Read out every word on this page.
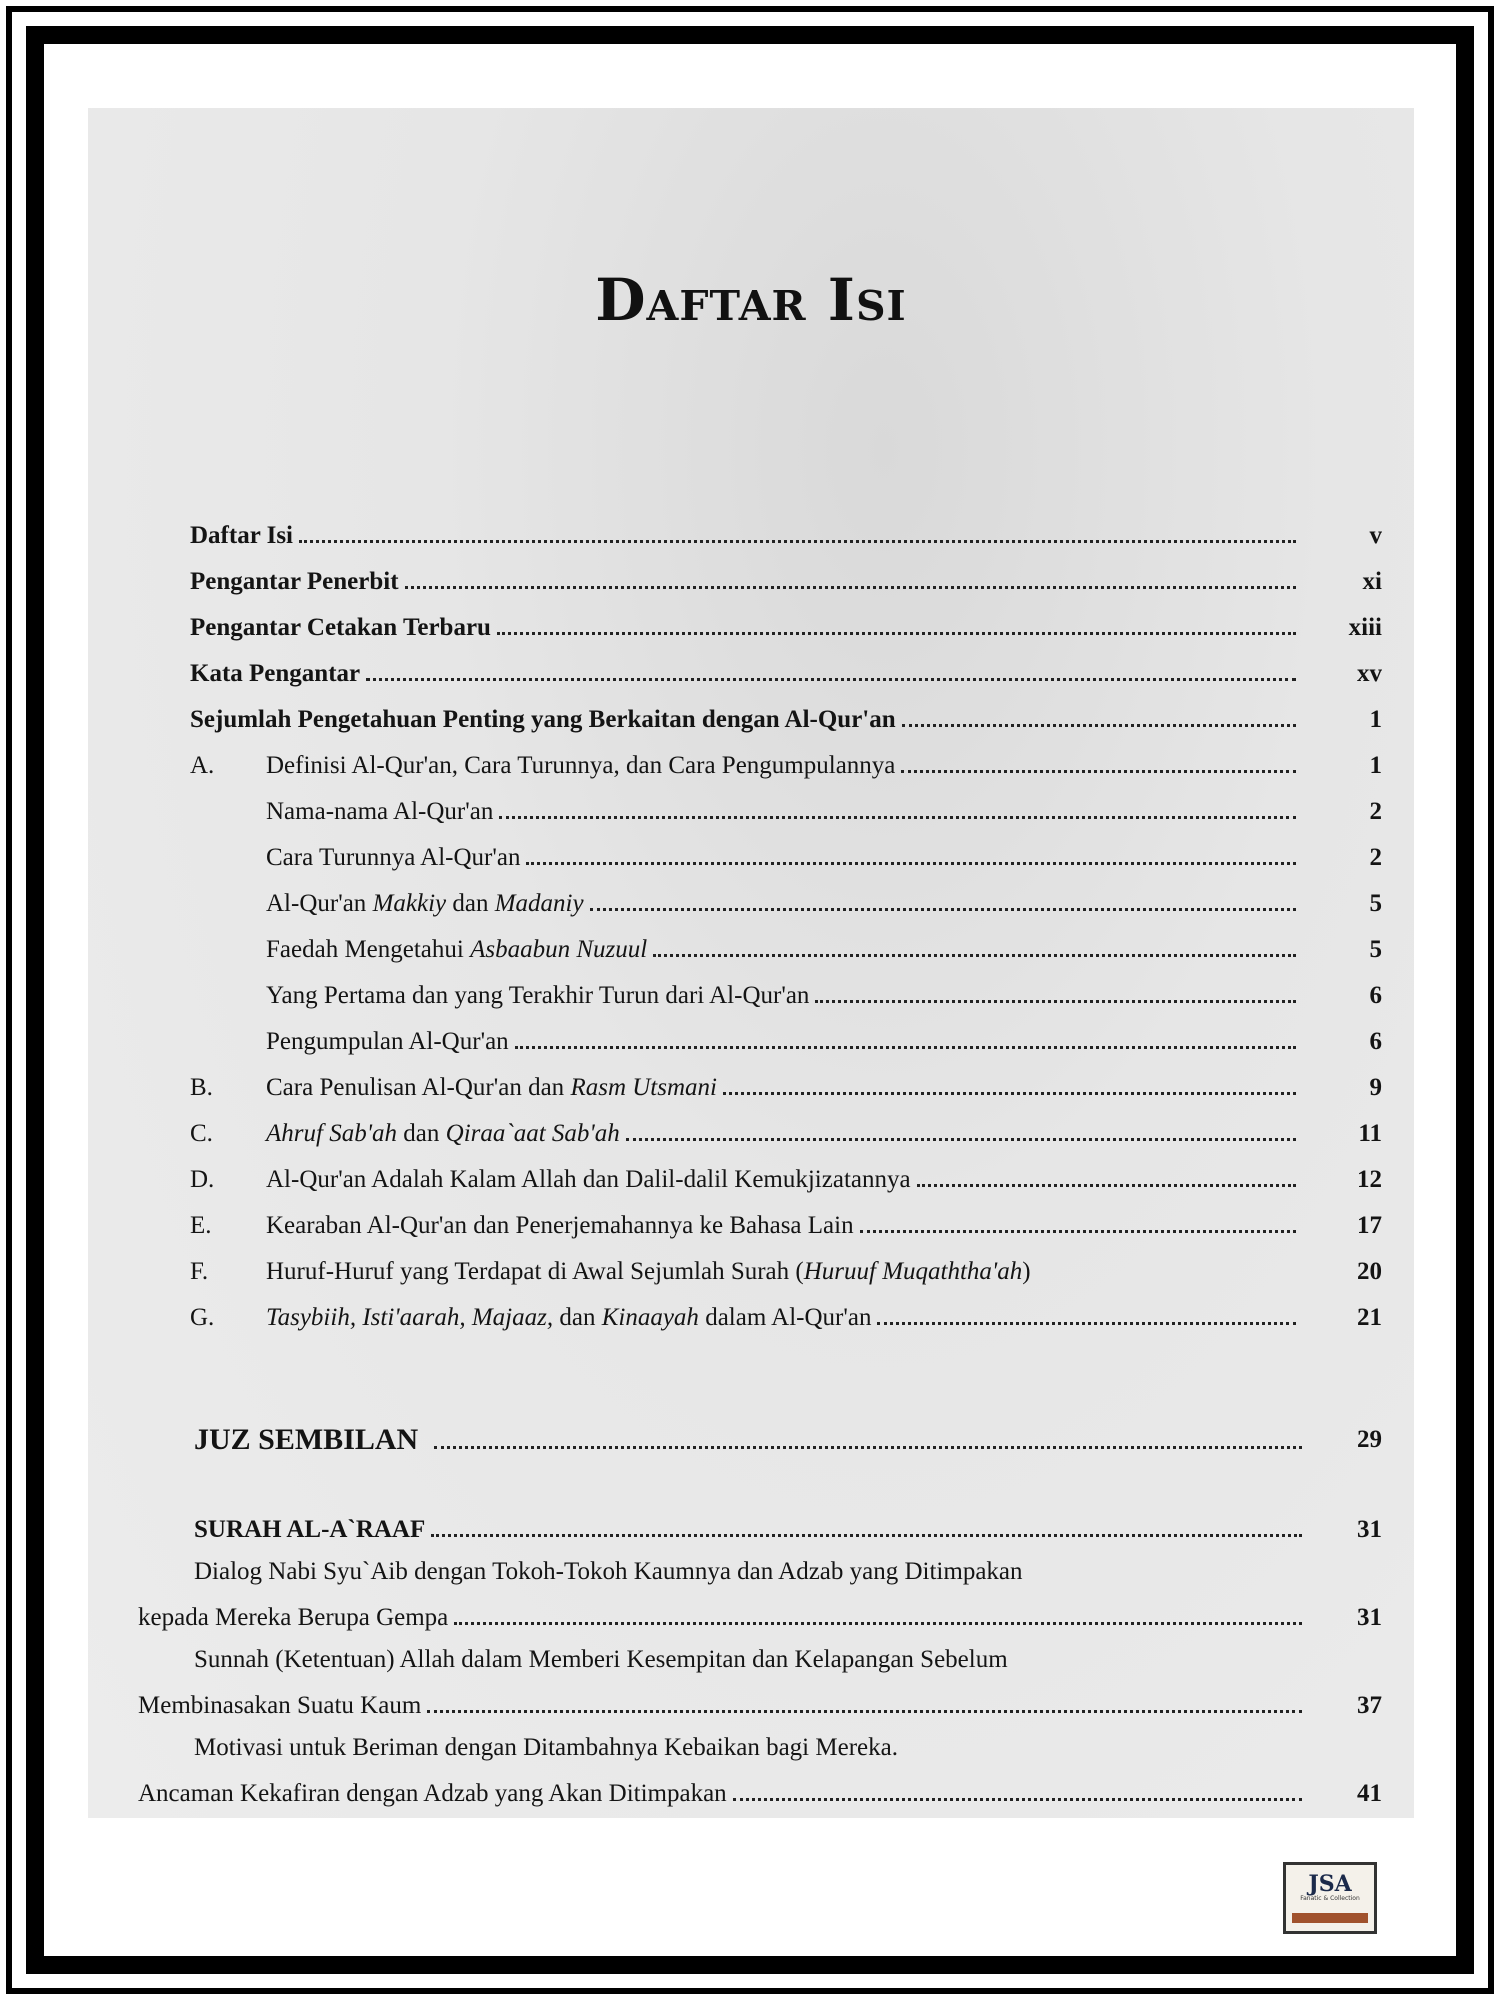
Daftar Isi
Daftar Isi	v
Pengantar Penerbit	xi
Pengantar Cetakan Terbaru	xiii
Kata Pengantar	xv
Sejumlah Pengetahuan Penting yang Berkaitan dengan Al-Qur'an	1
A. Definisi Al-Qur'an, Cara Turunnya, dan Cara Pengumpulannya	1
Nama-nama Al-Qur'an	2
Cara Turunnya Al-Qur'an	2
Al-Qur'an Makkiy dan Madaniy	5
Faedah Mengetahui Asbaabun Nuzuul	5
Yang Pertama dan yang Terakhir Turun dari Al-Qur'an	6
Pengumpulan Al-Qur'an	6
B. Cara Penulisan Al-Qur'an dan Rasm Utsmani	9
C. Ahruf Sab'ah dan Qiraa`aat Sab'ah	11
D. Al-Qur'an Adalah Kalam Allah dan Dalil-dalil Kemukjizatannya	12
E. Kearaban Al-Qur'an dan Penerjemahannya ke Bahasa Lain	17
F. Huruf-Huruf yang Terdapat di Awal Sejumlah Surah (Huruuf Muqaththa'ah)	20
G. Tasybiih, Isti'aarah, Majaaz, dan Kinaayah dalam Al-Qur'an	21
JUZ SEMBILAN	29
SURAH AL-A`RAAF	31
Dialog Nabi Syu`Aib dengan Tokoh-Tokoh Kaumnya dan Adzab yang Ditimpakan
kepada Mereka Berupa Gempa	31
Sunnah (Ketentuan) Allah dalam Memberi Kesempitan dan Kelapangan Sebelum
Membinasakan Suatu Kaum	37
Motivasi untuk Beriman dengan Ditambahnya Kebaikan bagi Mereka.
Ancaman Kekafiran dengan Adzab yang Akan Ditimpakan	41
JSA
Fanatic & Collection
